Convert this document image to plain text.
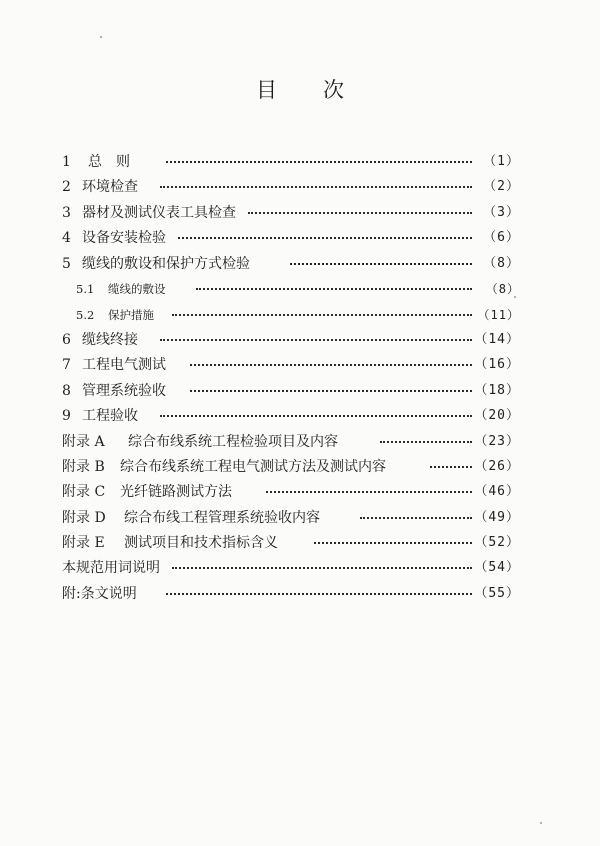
目次
1 总　则	（1）
2 环境检查	（2）
3 器材及测试仪表工具检查	（3）
4 设备安装检验	（6）
5 缆线的敷设和保护方式检验	（8）
5.1 缆线的敷设	（8）
5.2 保护措施	（11）
6 缆线终接	（14）
7 工程电气测试	（16）
8 管理系统验收	（18）
9 工程验收	（20）
附录 A 综合布线系统工程检验项目及内容	（23）
附录 B 综合布线系统工程电气测试方法及测试内容	（26）
附录 C 光纤链路测试方法	（46）
附录 D 综合布线工程管理系统验收内容	（49）
附录 E 测试项目和技术指标含义	（52）
本规范用词说明	（54）
附:条文说明	（55）
